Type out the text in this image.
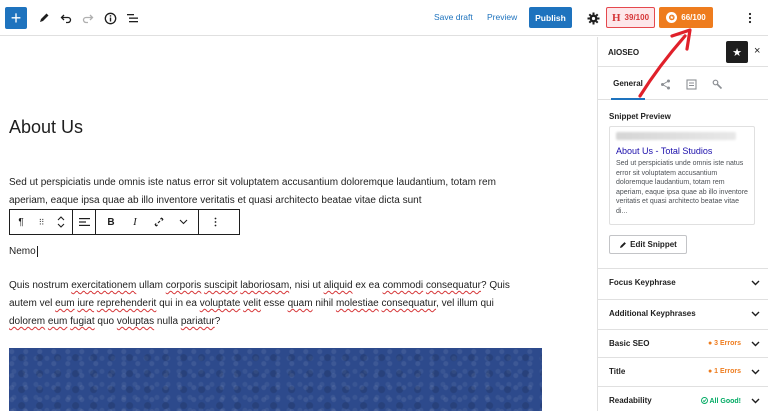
+	Save draft Preview	Publish	H 39/100	✪ 66/100
About Us

Sed ut perspiciatis unde omnis iste natus error sit voluptatem accusantium doloremque laudantium, totam rem aperiam, eaque ipsa quae ab illo inventore veritatis et quasi architecto beatae vitae dicta sunt

¶	⠿	B	I

Nemo

Quis nostrum exercitationem ullam corporis suscipit laboriosam, nisi ut aliquid ex ea commodi consequatur? Quis autem vel eum iure reprehenderit qui in ea voluptate velit esse quam nihil molestiae consequatur, vel illum qui dolorem eum fugiat quo voluptas nulla pariatur?

AIOSEO	★ ×
General
Snippet Preview
About Us - Total Studios
Sed ut perspiciatis unde omnis iste natus error sit voluptatem accusantium doloremque laudantium, totam rem aperiam, eaque ipsa quae ab illo inventore veritatis et quasi architecto beatae vitae di...
Edit Snippet
Focus Keyphrase
Additional Keyphrases
Basic SEO	● 3 Errors
Title	● 1 Errors
Readability	All Good!
